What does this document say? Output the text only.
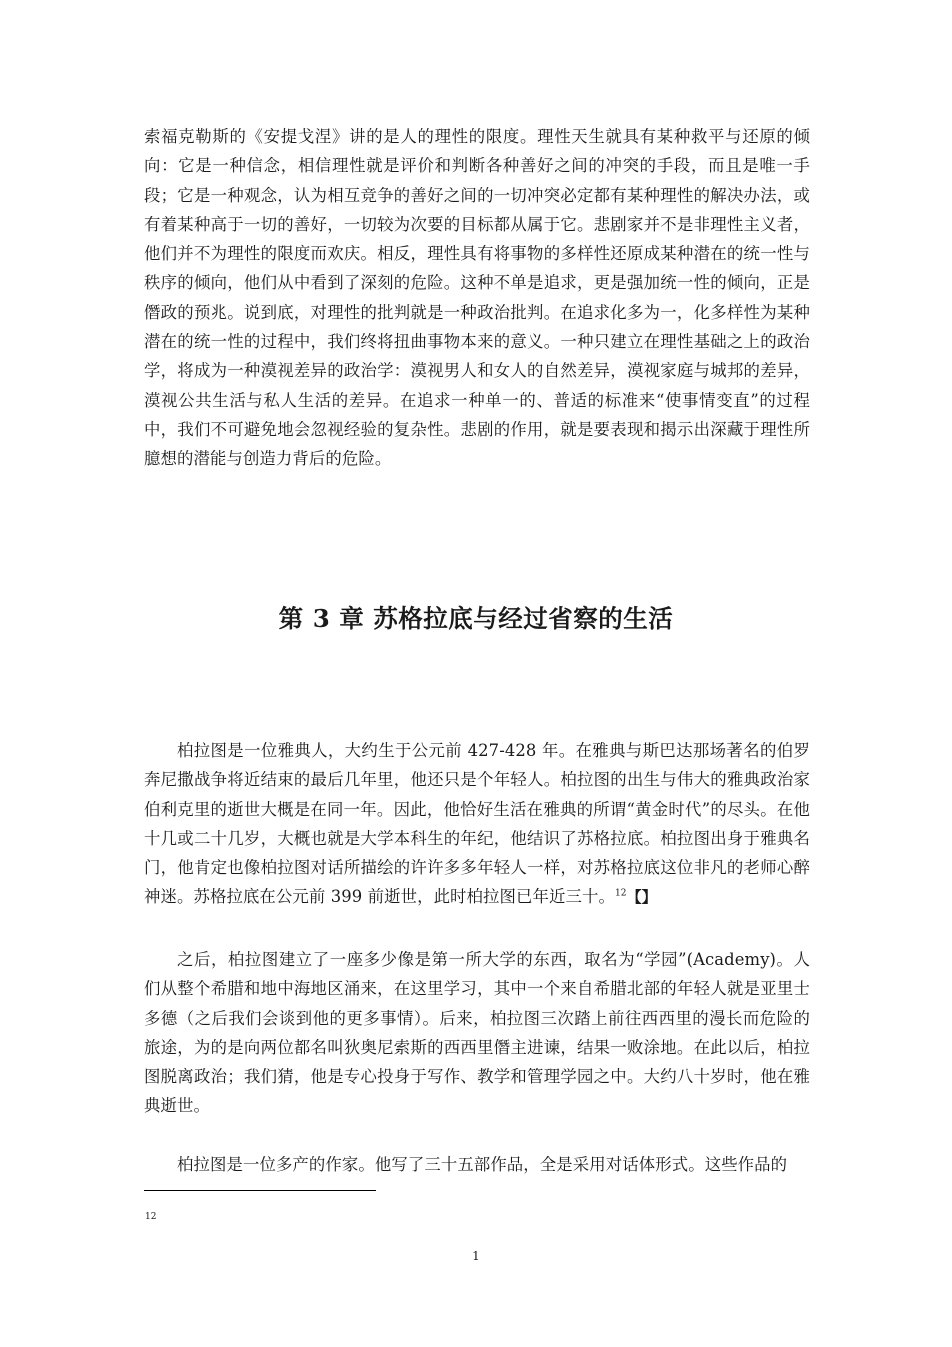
索福克勒斯的《安提戈涅》讲的是人的理性的限度。理性天生就具有某种救平与还原的倾向：它是一种信念，相信理性就是评价和判断各种善好之间的冲突的手段，而且是唯一手段；它是一种观念，认为相互竞争的善好之间的一切冲突必定都有某种理性的解决办法，或有着某种高于一切的善好，一切较为次要的目标都从属于它。悲剧家并不是非理性主义者，他们并不为理性的限度而欢庆。相反，理性具有将事物的多样性还原成某种潜在的统一性与秩序的倾向，他们从中看到了深刻的危险。这种不单是追求，更是强加统一性的倾向，正是僭政的预兆。说到底，对理性的批判就是一种政治批判。在追求化多为一，化多样性为某种潜在的统一性的过程中，我们终将扭曲事物本来的意义。一种只建立在理性基础之上的政治学，将成为一种漠视差异的政治学：漠视男人和女人的自然差异，漠视家庭与城邦的差异，漠视公共生活与私人生活的差异。在追求一种单一的、普适的标准来“使事情变直”的过程中，我们不可避免地会忽视经验的复杂性。悲剧的作用，就是要表现和揭示出深藏于理性所臆想的潜能与创造力背后的危险。

第 3 章 苏格拉底与经过省察的生活

柏拉图是一位雅典人，大约生于公元前 427-428 年。在雅典与斯巴达那场著名的伯罗奔尼撒战争将近结束的最后几年里，他还只是个年轻人。柏拉图的出生与伟大的雅典政治家伯利克里的逝世大概是在同一年。因此，他恰好生活在雅典的所谓“黄金时代”的尽头。在他十几或二十几岁，大概也就是大学本科生的年纪，他结识了苏格拉底。柏拉图出身于雅典名门，他肯定也像柏拉图对话所描绘的许许多多年轻人一样，对苏格拉底这位非凡的老师心醉神迷。苏格拉底在公元前 399 前逝世，此时柏拉图已年近三十。$^{12}$【】

之后，柏拉图建立了一座多少像是第一所大学的东西，取名为“学园”(Academy)。人们从整个希腊和地中海地区涌来，在这里学习，其中一个来自希腊北部的年轻人就是亚里士多德（之后我们会谈到他的更多事情）。后来，柏拉图三次踏上前往西西里的漫长而危险的旅途，为的是向两位都名叫狄奥尼索斯的西西里僭主进谏，结果一败涂地。在此以后，柏拉图脱离政治；我们猜，他是专心投身于写作、教学和管理学园之中。大约八十岁时，他在雅典逝世。

柏拉图是一位多产的作家。他写了三十五部作品，全是采用对话体形式。这些作品的

12
1
